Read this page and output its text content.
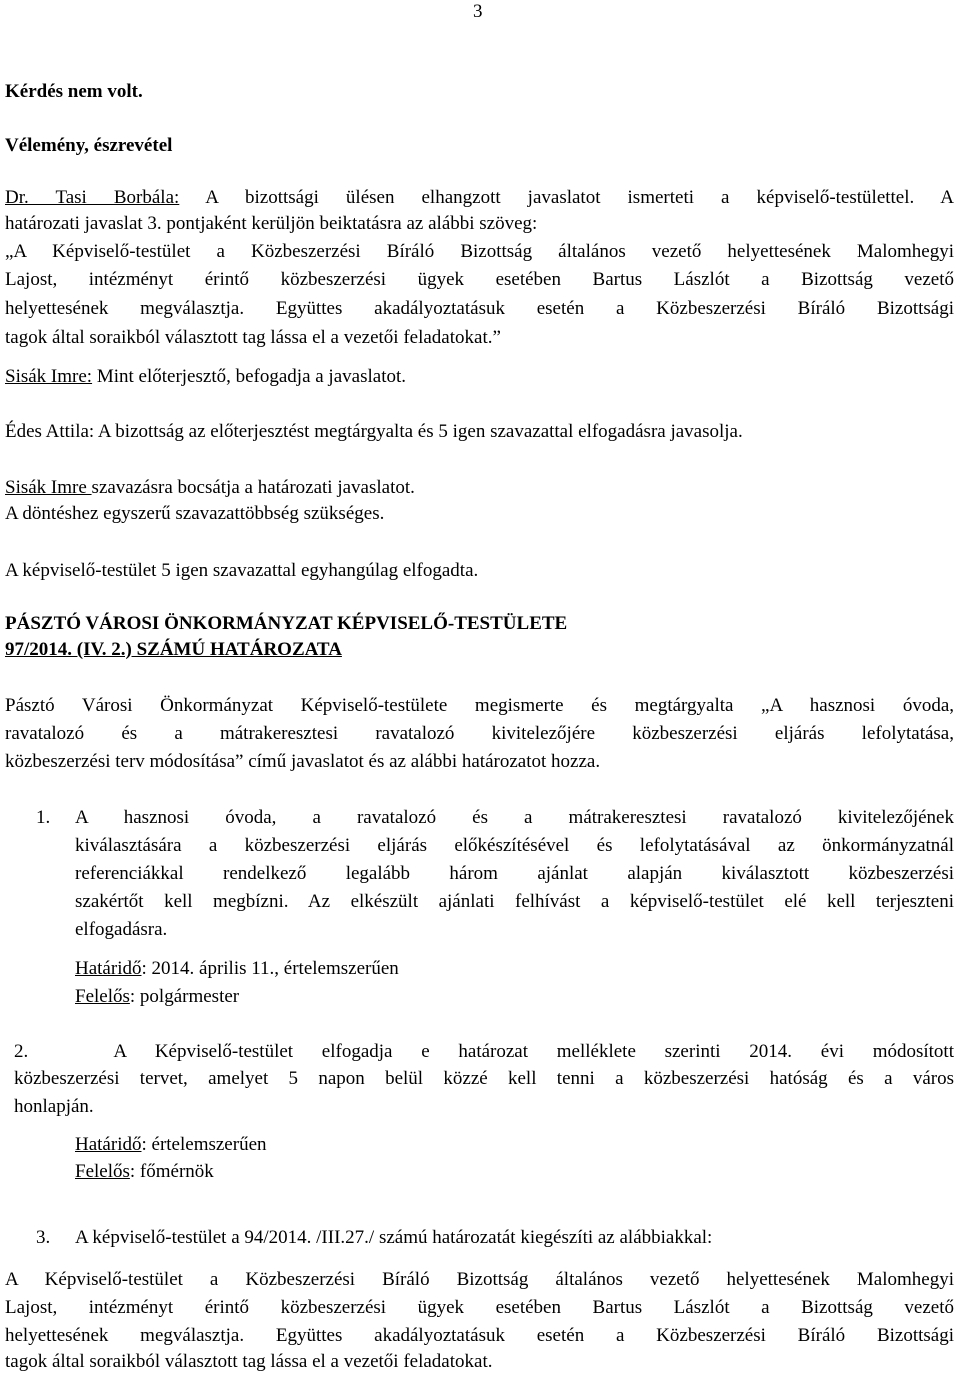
3
Kérdés nem volt.
Vélemény, észrevétel
Dr. Tasi Borbála: A bizottsági ülésen elhangzott javaslatot ismerteti a képviselő-testülettel. A
határozati javaslat 3. pontjaként kerüljön beiktatásra az alábbi szöveg:
„A Képviselő-testület a Közbeszerzési Bíráló Bizottság általános vezető helyettesének Malomhegyi
Lajost, intézményt érintő közbeszerzési ügyek esetében Bartus Lászlót a Bizottság vezető
helyettesének megválasztja. Együttes akadályoztatásuk esetén a Közbeszerzési Bíráló Bizottsági
tagok által soraikból választott tag lássa el a vezetői feladatokat.”
Sisák Imre: Mint előterjesztő, befogadja a javaslatot.
Édes Attila: A bizottság az előterjesztést megtárgyalta és 5 igen szavazattal elfogadásra javasolja.
Sisák Imre szavazásra bocsátja a határozati javaslatot.
A döntéshez egyszerű szavazattöbbség szükséges.
A képviselő-testület 5 igen szavazattal egyhangúlag elfogadta.
PÁSZTÓ VÁROSI ÖNKORMÁNYZAT KÉPVISELŐ-TESTÜLETE
97/2014. (IV. 2.) SZÁMÚ HATÁROZATA
Pásztó Városi Önkormányzat Képviselő-testülete megismerte és megtárgyalta „A hasznosi óvoda,
ravatalozó és a mátrakeresztesi ravatalozó kivitelezőjére közbeszerzési eljárás lefolytatása,
közbeszerzési terv módosítása” című javaslatot és az alábbi határozatot hozza.
1. A hasznosi óvoda, a ravatalozó és a mátrakeresztesi ravatalozó kivitelezőjének
kiválasztására a közbeszerzési eljárás előkészítésével és lefolytatásával az önkormányzatnál
referenciákkal rendelkező legalább három ajánlat alapján kiválasztott közbeszerzési
szakértőt kell megbízni. Az elkészült ajánlati felhívást a képviselő-testület elé kell terjeszteni
elfogadásra.
Határidő: 2014. április 11., értelemszerűen
Felelős: polgármester
2.   A Képviselő-testület elfogadja e határozat melléklete szerinti 2014. évi módosított
közbeszerzési tervet, amelyet 5 napon belül közzé kell tenni a közbeszerzési hatóság és a város
honlapján.
Határidő: értelemszerűen
Felelős: főmérnök
3. A képviselő-testület a 94/2014. /III.27./ számú határozatát kiegészíti az alábbiakkal:
A Képviselő-testület a Közbeszerzési Bíráló Bizottság általános vezető helyettesének Malomhegyi
Lajost, intézményt érintő közbeszerzési ügyek esetében Bartus Lászlót a Bizottság vezető
helyettesének megválasztja. Együttes akadályoztatásuk esetén a Közbeszerzési Bíráló Bizottsági
tagok által soraikból választott tag lássa el a vezetői feladatokat.
